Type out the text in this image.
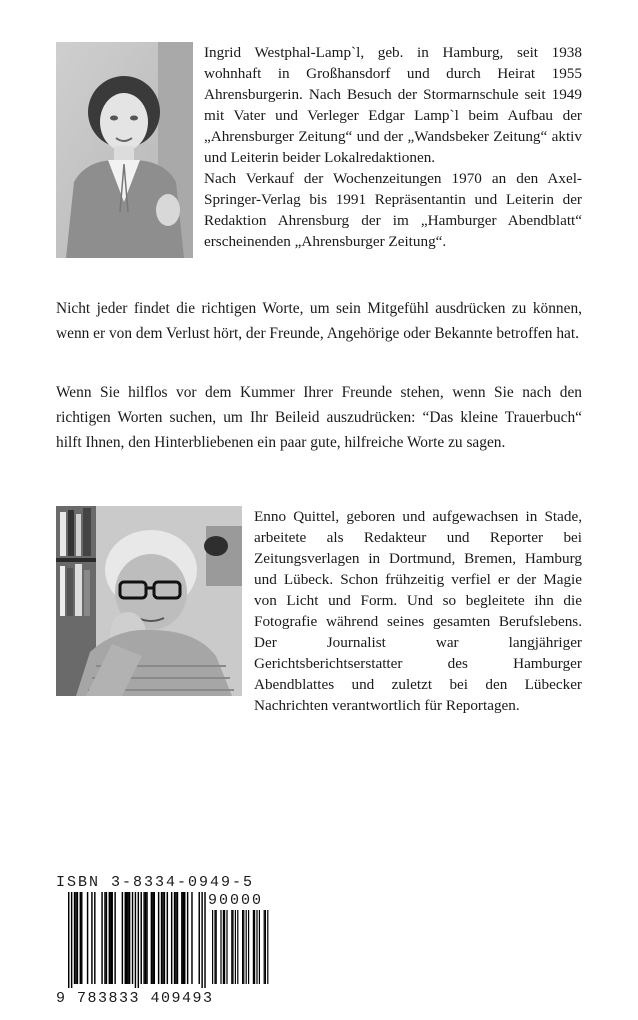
Ingrid Westphal-Lamp`l, geb. in Hamburg, seit 1938 wohnhaft in Großhansdorf und durch Heirat 1955 Ahrensburgerin. Nach Besuch der Stormarnschule seit 1949 mit Vater und Verleger Edgar Lamp`l beim Aufbau der „Ahrensburger Zeitung“ und der „Wandsbeker Zeitung“ aktiv und Leiterin beider Lokalredaktionen.

Nach Verkauf der Wochenzeitungen 1970 an den Axel-Springer-Verlag bis 1991 Repräsentantin und Leiterin der Redaktion Ahrensburg der im „Hamburger Abendblatt“ erscheinenden „Ahrensburger Zeitung“.

Nicht jeder findet die richtigen Worte, um sein Mitgefühl ausdrücken zu können, wenn er von dem Verlust hört, der Freunde, Angehörige oder Bekannte betroffen hat.

Wenn Sie hilflos vor dem Kummer Ihrer Freunde stehen, wenn Sie nach den richtigen Worten suchen, um Ihr Beileid auszudrücken: “Das kleine Trauerbuch“ hilft Ihnen, den Hinterbliebenen ein paar gute, hilfreiche Worte zu sagen.

Enno Quittel, geboren und aufgewachsen in Stade, arbeitete als Redakteur und Reporter bei Zeitungsverlagen in Dortmund, Bremen, Hamburg und Lübeck. Schon frühzeitig verfiel er der Magie von Licht und Form. Und so begleitete ihn die Fotografie während seines gesamten Berufslebens. Der Journalist war langjähriger Gerichtsberichtserstatter des Hamburger Abendblattes und zuletzt bei den Lübecker Nachrichten verantwortlich für Reportagen.

ISBN 3-8334-0949-5
90000
9 783833 409493
